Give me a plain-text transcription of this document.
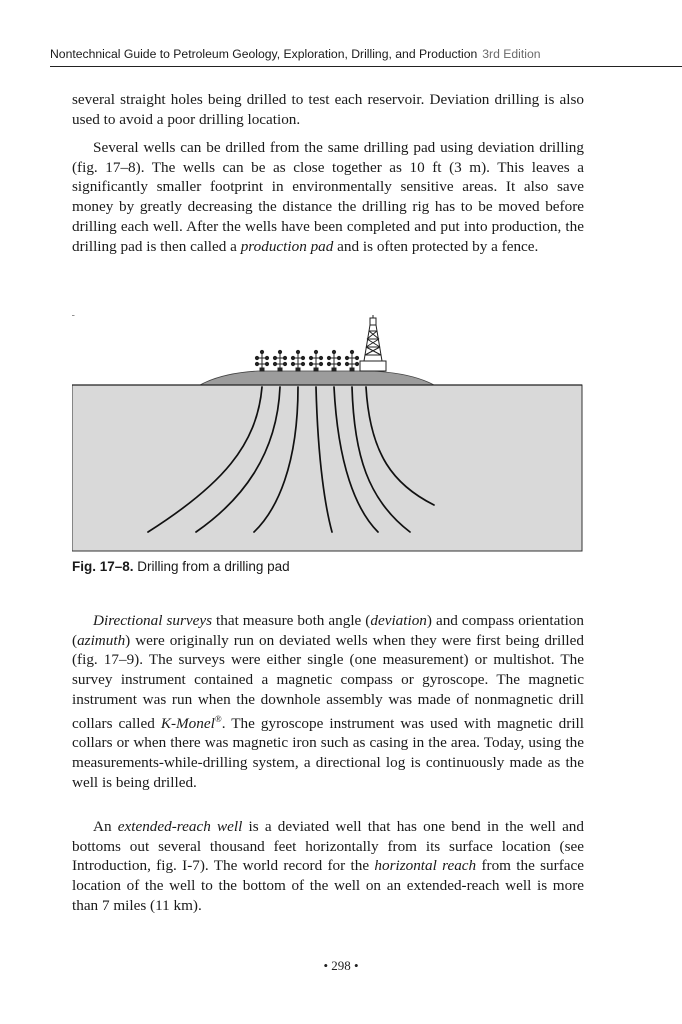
Nontechnical Guide to Petroleum Geology, Exploration, Drilling, and Production 3rd Edition

several straight holes being drilled to test each reservoir. Deviation drilling is also used to avoid a poor drilling location.

Several wells can be drilled from the same drilling pad using deviation drilling (fig. 17–8). The wells can be as close together as 10 ft (3 m). This leaves a significantly smaller footprint in environmentally sensitive areas. It also save money by greatly decreasing the distance the drilling rig has to be moved before drilling each well. After the wells have been completed and put into production, the drilling pad is then called a production pad and is often protected by a fence.

Fig. 17–8. Drilling from a drilling pad

Directional surveys that measure both angle (deviation) and compass orientation (azimuth) were originally run on deviated wells when they were first being drilled (fig. 17–9). The surveys were either single (one measurement) or multishot. The survey instrument contained a magnetic compass or gyroscope. The magnetic instrument was run when the downhole assembly was made of nonmagnetic drill collars called K-Monel®. The gyroscope instrument was used with magnetic drill collars or when there was magnetic iron such as casing in the area. Today, using the measurements-while-drilling system, a directional log is continuously made as the well is being drilled.

An extended-reach well is a deviated well that has one bend in the well and bottoms out several thousand feet horizontally from its surface location (see Introduction, fig. I-7). The world record for the horizontal reach from the surface location of the well to the bottom of the well on an extended-reach well is more than 7 miles (11 km).

• 298 •
